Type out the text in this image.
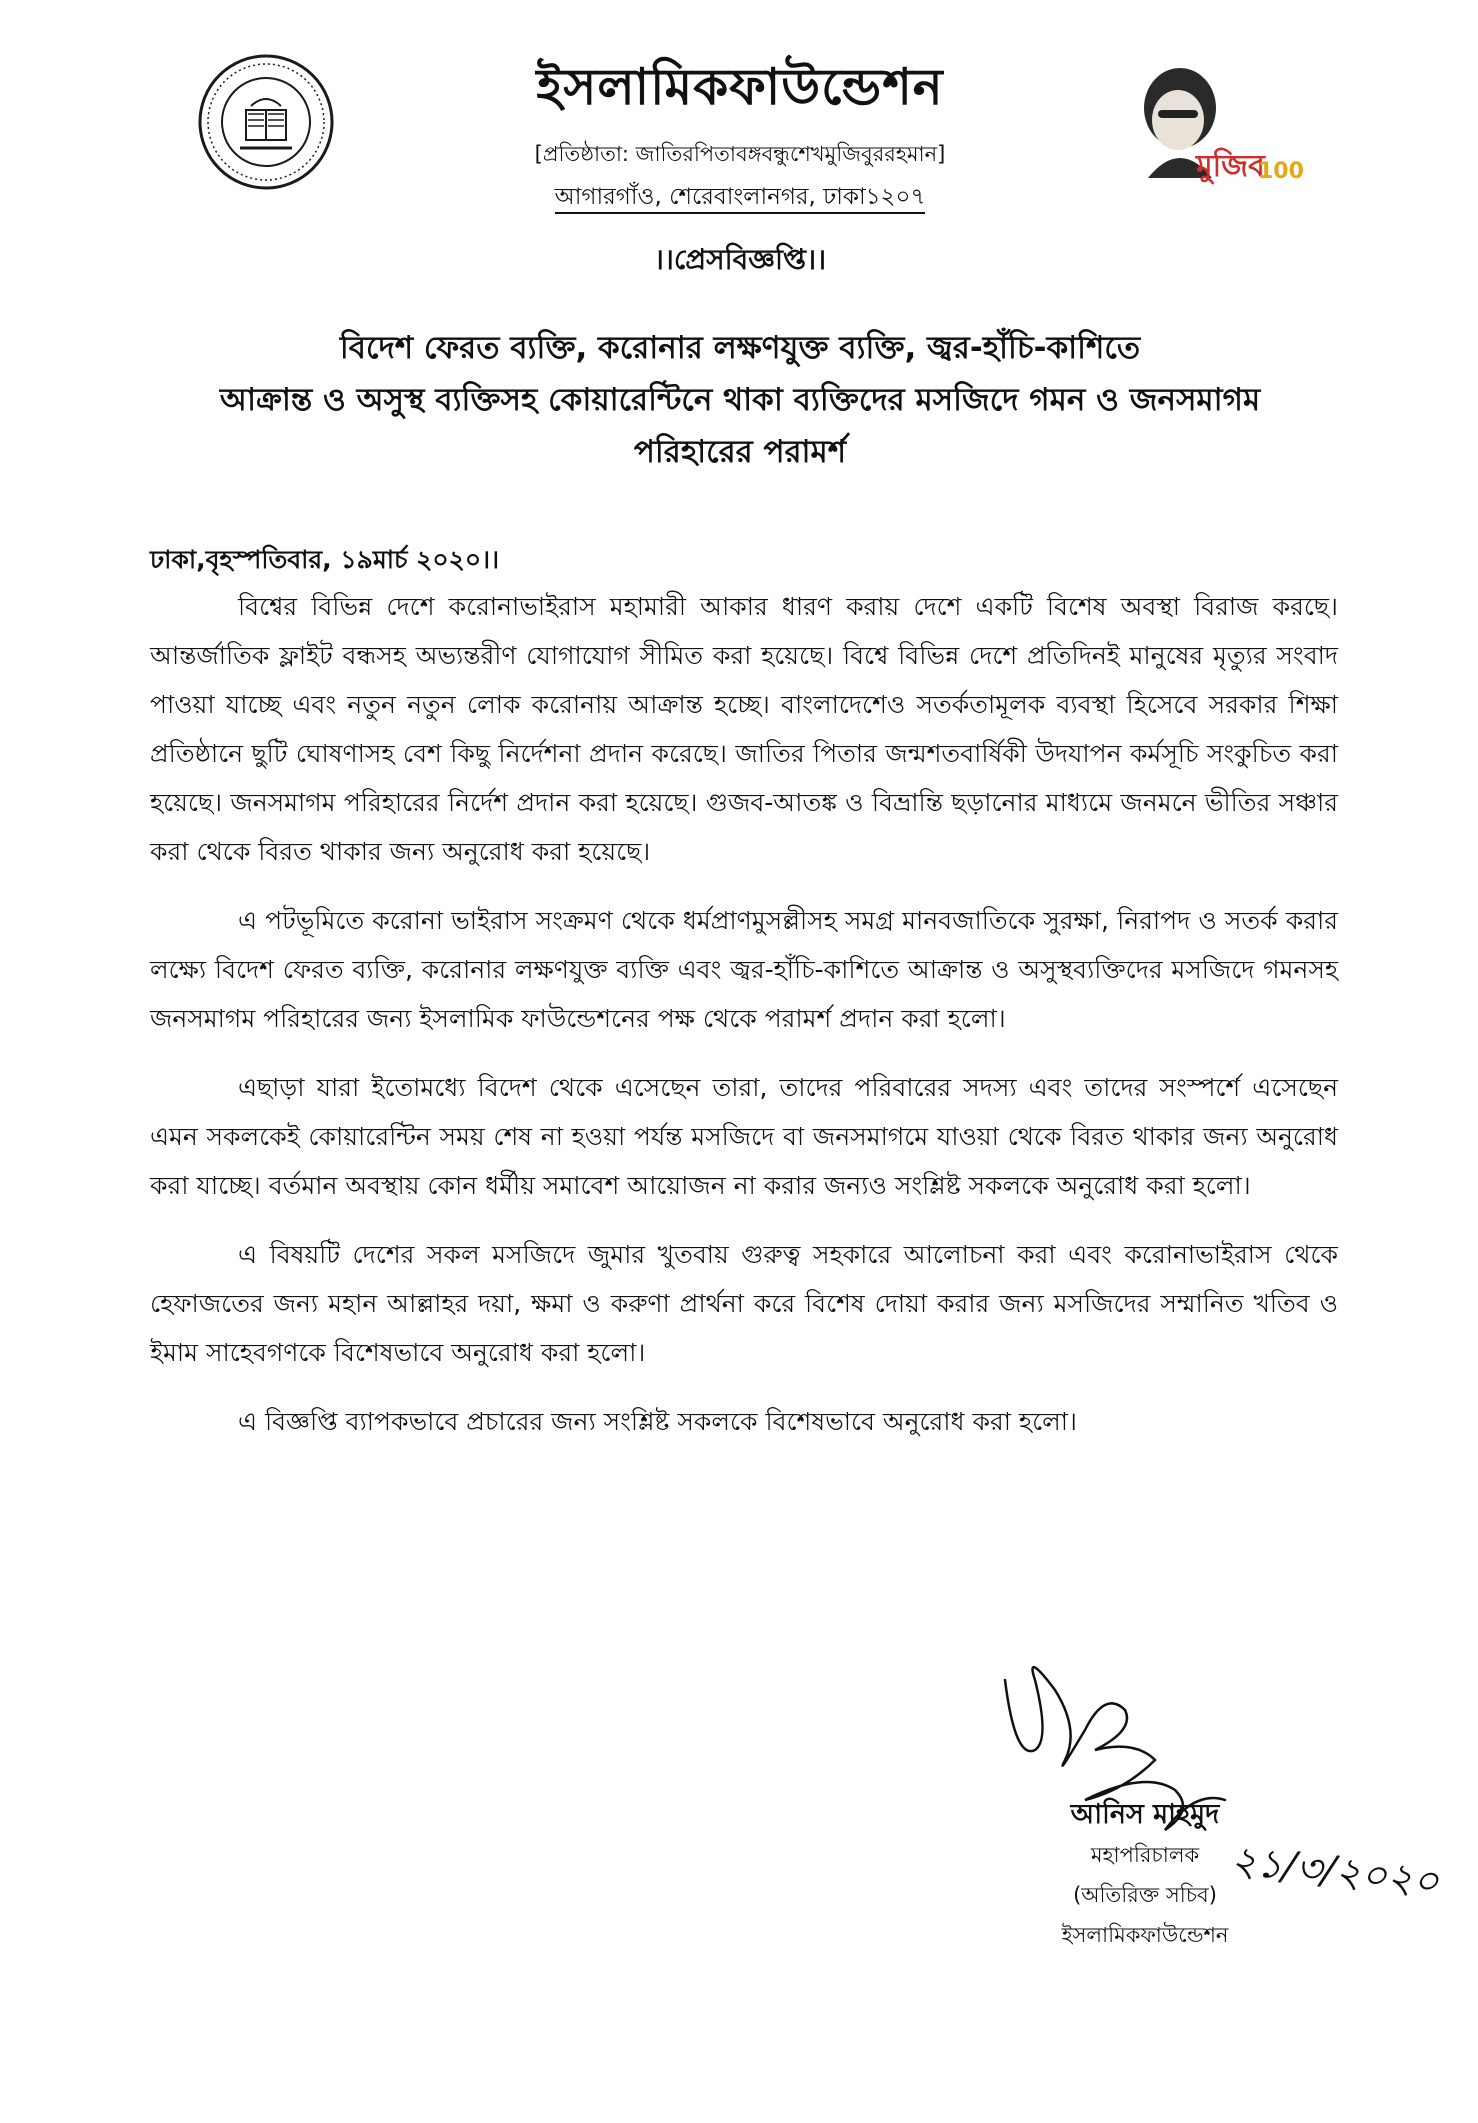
মুজিব
100
ইসলামিকফাউন্ডেশন
[প্রতিষ্ঠাতা: জাতিরপিতাবঙ্গবন্ধুশেখমুজিবুররহমান]
আগারগাঁও, শেরেবাংলানগর, ঢাকা১২০৭
।।প্রেসবিজ্ঞপ্তি।।
বিদেশ ফেরত ব্যক্তি, করোনার লক্ষণযুক্ত ব্যক্তি, জ্বর-হাঁচি-কাশিতে
আক্রান্ত ও অসুস্থ ব্যক্তিসহ কোয়ারেন্টিনে থাকা ব্যক্তিদের মসজিদে গমন ও জনসমাগম
পরিহারের পরামর্শ
ঢাকা,বৃহস্পতিবার, ১৯মার্চ ২০২০।।

বিশ্বের বিভিন্ন দেশে করোনাভাইরাস মহামারী আকার ধারণ করায় দেশে একটি বিশেষ অবস্থা বিরাজ করছে। আন্তর্জাতিক ফ্লাইট বন্ধসহ অভ্যন্তরীণ যোগাযোগ সীমিত করা হয়েছে। বিশ্বে বিভিন্ন দেশে প্রতিদিনই মানুষের মৃত্যুর সংবাদ পাওয়া যাচ্ছে এবং নতুন নতুন লোক করোনায় আক্রান্ত হচ্ছে। বাংলাদেশেও সতর্কতামূলক ব্যবস্থা হিসেবে সরকার শিক্ষা প্রতিষ্ঠানে ছুটি ঘোষণাসহ বেশ কিছু নির্দেশনা প্রদান করেছে। জাতির পিতার জন্মশতবার্ষিকী উদযাপন কর্মসূচি সংকুচিত করা হয়েছে। জনসমাগম পরিহারের নির্দেশ প্রদান করা হয়েছে। গুজব-আতঙ্ক ও বিভ্রান্তি ছড়ানোর মাধ্যমে জনমনে ভীতির সঞ্চার করা থেকে বিরত থাকার জন্য অনুরোধ করা হয়েছে।

এ পটভূমিতে করোনা ভাইরাস সংক্রমণ থেকে ধর্মপ্রাণমুসল্লীসহ সমগ্র মানবজাতিকে সুরক্ষা, নিরাপদ ও সতর্ক করার লক্ষ্যে বিদেশ ফেরত ব্যক্তি, করোনার লক্ষণযুক্ত ব্যক্তি এবং জ্বর-হাঁচি-কাশিতে আক্রান্ত ও অসুস্থব্যক্তিদের মসজিদে গমনসহ জনসমাগম পরিহারের জন্য ইসলামিক ফাউন্ডেশনের পক্ষ থেকে পরামর্শ প্রদান করা হলো।

এছাড়া যারা ইতোমধ্যে বিদেশ থেকে এসেছেন তারা, তাদের পরিবারের সদস্য এবং তাদের সংস্পর্শে এসেছেন এমন সকলকেই কোয়ারেন্টিন সময় শেষ না হওয়া পর্যন্ত মসজিদে বা জনসমাগমে যাওয়া থেকে বিরত থাকার জন্য অনুরোধ করা যাচ্ছে। বর্তমান অবস্থায় কোন ধর্মীয় সমাবেশ আয়োজন না করার জন্যও সংশ্লিষ্ট সকলকে অনুরোধ করা হলো।

এ বিষয়টি দেশের সকল মসজিদে জুমার খুতবায় গুরুত্ব সহকারে আলোচনা করা এবং করোনাভাইরাস থেকে হেফাজতের জন্য মহান আল্লাহর দয়া, ক্ষমা ও করুণা প্রার্থনা করে বিশেষ দোয়া করার জন্য মসজিদের সম্মানিত খতিব ও ইমাম সাহেবগণকে বিশেষভাবে অনুরোধ করা হলো।

এ বিজ্ঞপ্তি ব্যাপকভাবে প্রচারের জন্য সংশ্লিষ্ট সকলকে বিশেষভাবে অনুরোধ করা হলো।

২১/৩/২০২০
আনিস মাহমুদ
মহাপরিচালক
(অতিরিক্ত সচিব)
ইসলামিকফাউন্ডেশন
